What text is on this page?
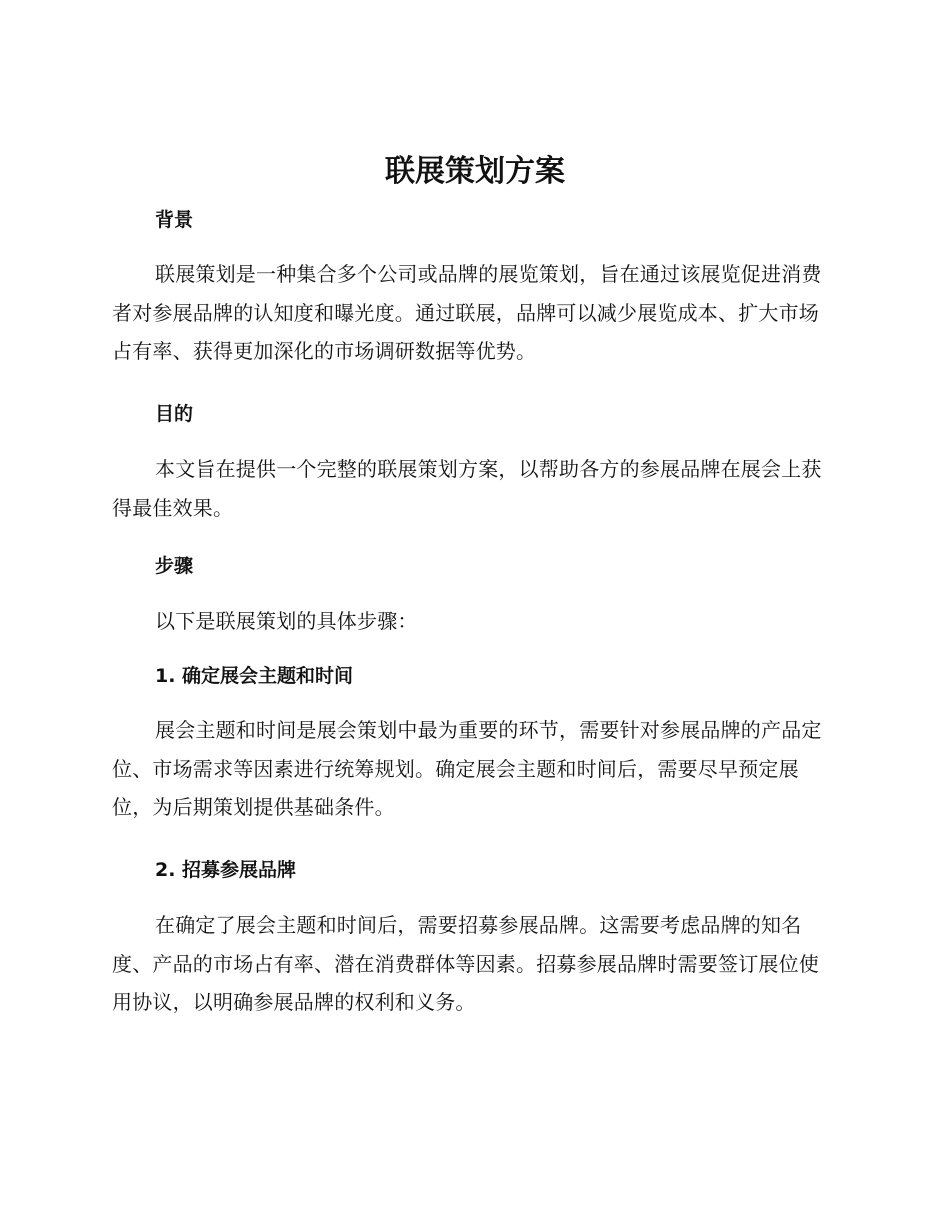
联展策划方案
背景

联展策划是一种集合多个公司或品牌的展览策划，旨在通过该展览促进消费者对参展品牌的认知度和曝光度。通过联展，品牌可以减少展览成本、扩大市场占有率、获得更加深化的市场调研数据等优势。

目的

本文旨在提供一个完整的联展策划方案，以帮助各方的参展品牌在展会上获得最佳效果。

步骤

以下是联展策划的具体步骤：

1. 确定展会主题和时间

展会主题和时间是展会策划中最为重要的环节，需要针对参展品牌的产品定位、市场需求等因素进行统筹规划。确定展会主题和时间后，需要尽早预定展位，为后期策划提供基础条件。

2. 招募参展品牌

在确定了展会主题和时间后，需要招募参展品牌。这需要考虑品牌的知名度、产品的市场占有率、潜在消费群体等因素。招募参展品牌时需要签订展位使用协议，以明确参展品牌的权利和义务。
